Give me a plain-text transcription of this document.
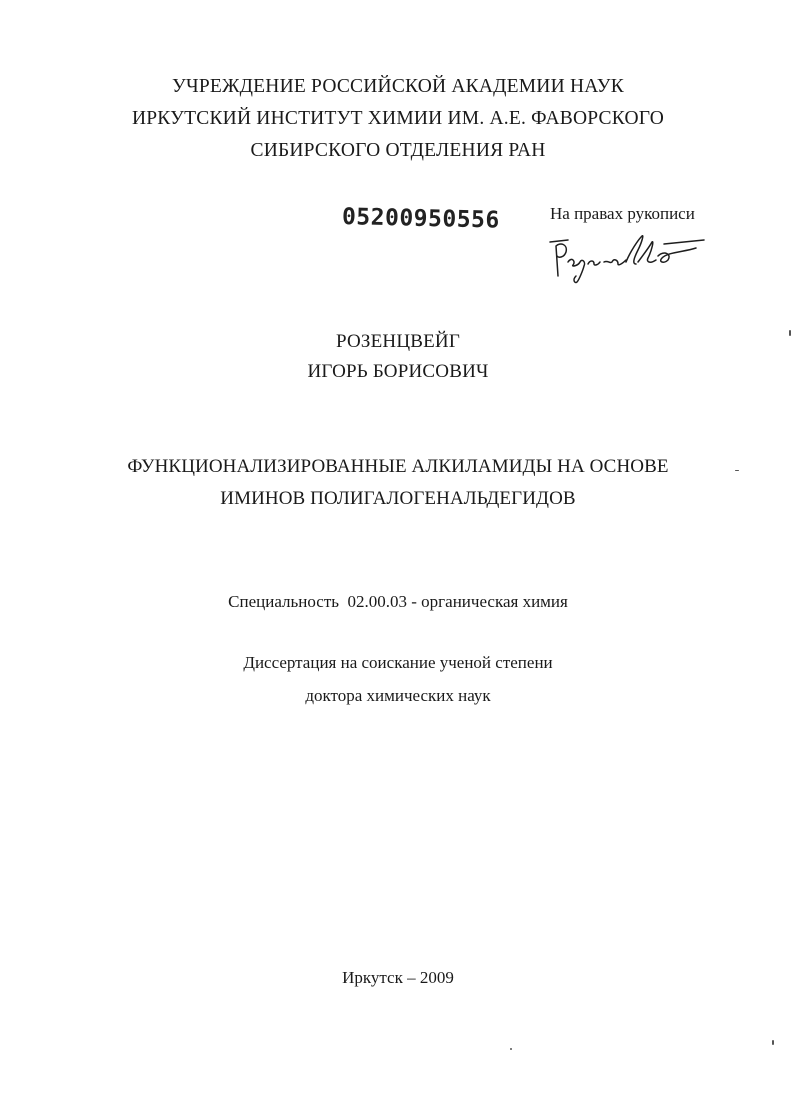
УЧРЕЖДЕНИЕ РОССИЙСКОЙ АКАДЕМИИ НАУК
ИРКУТСКИЙ ИНСТИТУТ ХИМИИ ИМ. А.Е. ФАВОРСКОГО
СИБИРСКОГО ОТДЕЛЕНИЯ РАН
05200950556	На правах рукописи
Розенцвейг
РОЗЕНЦВЕЙГ
ИГОРЬ БОРИСОВИЧ
ФУНКЦИОНАЛИЗИРОВАННЫЕ АЛКИЛАМИДЫ НА ОСНОВЕ
ИМИНОВ ПОЛИГАЛОГЕНАЛЬДЕГИДОВ
Специальность  02.00.03 - органическая химия
Диссертация на соискание ученой степени
доктора химических наук
Иркутск – 2009
